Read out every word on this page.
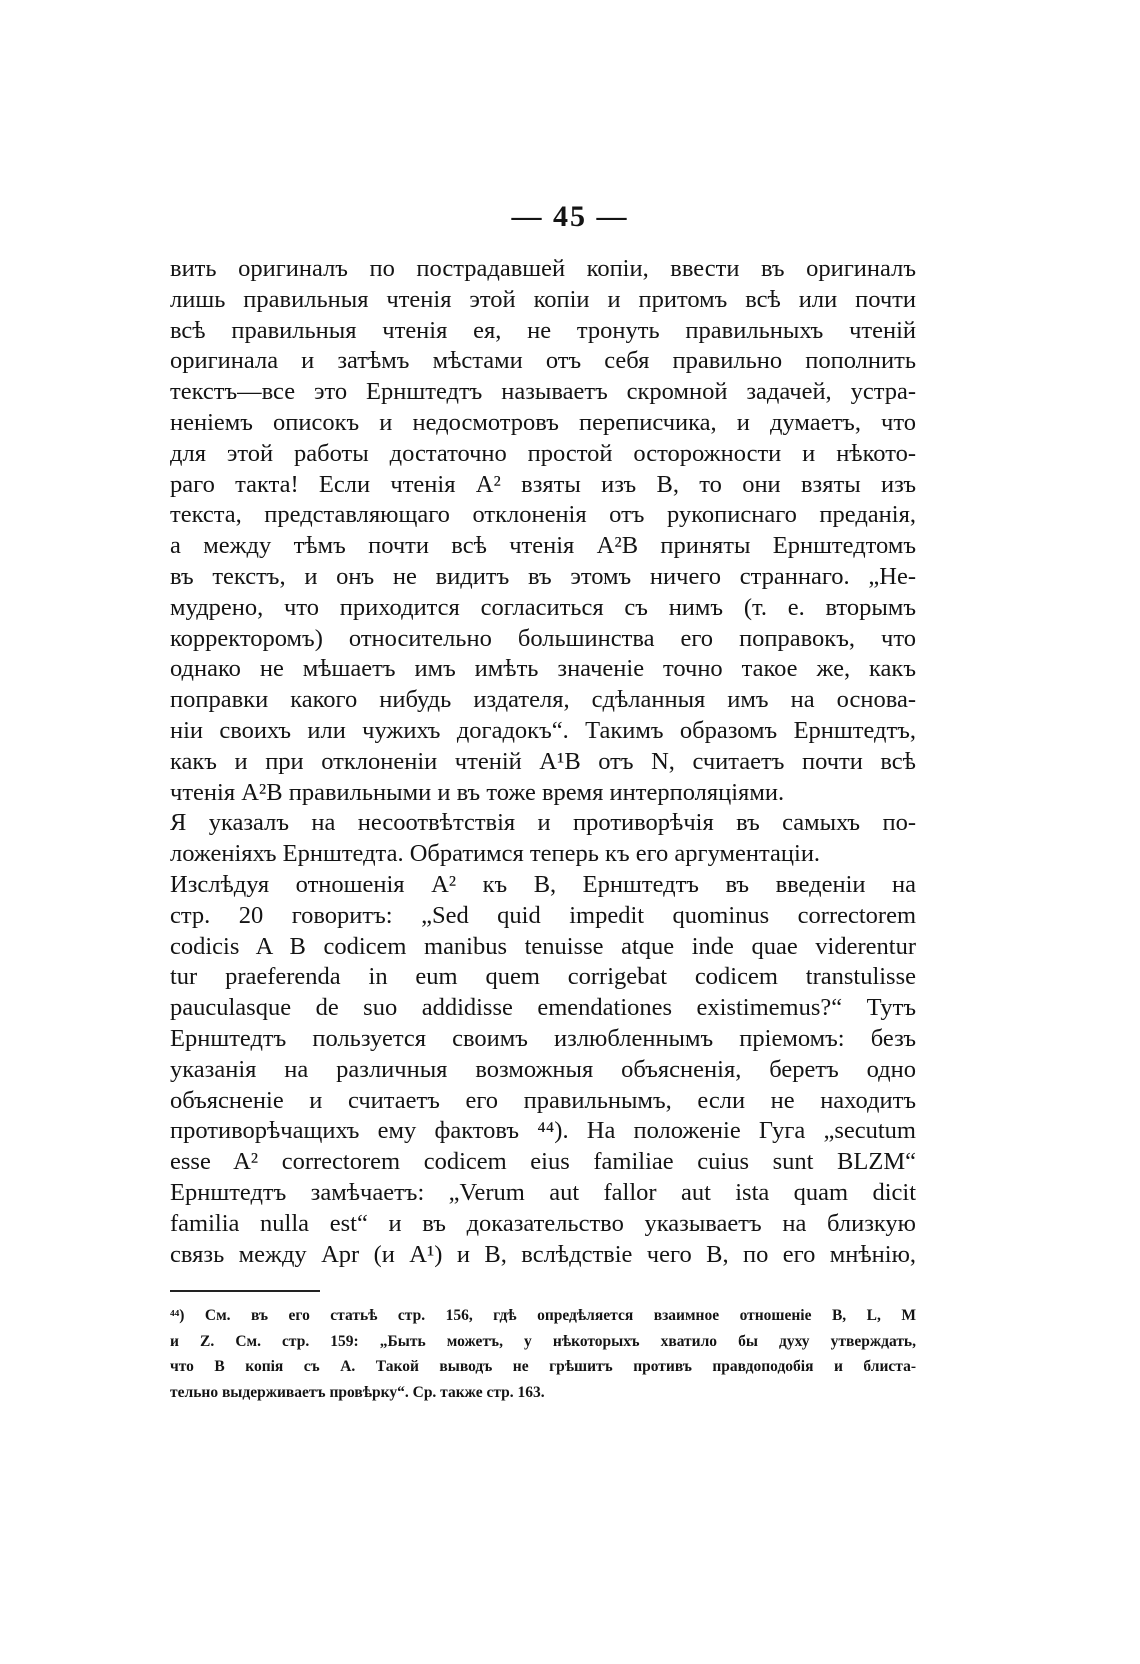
— 45 —
вить оригиналъ по пострадавшей копіи, ввести въ оригиналъ
лишь правильныя чтенія этой копіи и притомъ всѣ или почти
всѣ правильныя чтенія ея, не тронуть правильныхъ чтеній
оригинала и затѣмъ мѣстами отъ себя правильно пополнить
текстъ—все это Ернштедтъ называетъ скромной задачей, устра-
неніемъ описокъ и недосмотровъ переписчика, и думаетъ, что
для этой работы достаточно простой осторожности и нѣкото-
раго такта! Если чтенія A² взяты изъ B, то они взяты изъ
текста, представляющаго отклоненія отъ рукописнаго преданія,
а между тѣмъ почти всѣ чтенія A²B приняты Ернштедтомъ
въ текстъ, и онъ не видитъ въ этомъ ничего страннаго. „Не-
мудрено, что приходится согласиться съ нимъ (т. е. вторымъ
корректоромъ) относительно большинства его поправокъ, что
однако не мѣшаетъ имъ имѣть значеніе точно такое же, какъ
поправки какого нибудь издателя, сдѣланныя имъ на основа-
ніи своихъ или чужихъ догадокъ“. Такимъ образомъ Ернштедтъ,
какъ и при отклоненіи чтеній A¹B отъ N, считаетъ почти всѣ
чтенія A²B правильными и въ тоже время интерполяціями.
Я указалъ на несоотвѣтствія и противорѣчія въ самыхъ по-
ложеніяхъ Ернштедта. Обратимся теперь къ его аргументаціи.
Изслѣдуя отношенія A² къ B, Ернштедтъ въ введеніи на
стр. 20 говоритъ: „Sed quid impedit quominus correctorem
codicis A B codicem manibus tenuisse atque inde quae viderentur
tur praeferenda in eum quem corrigebat codicem transtulisse
pauculasque de suo addidisse emendationes existimemus?“ Тутъ
Ернштедтъ пользуется своимъ излюбленнымъ пріемомъ: безъ
указанія на различныя возможныя объясненія, беретъ одно
объясненіе и считаетъ его правильнымъ, если не находитъ
противорѣчащихъ ему фактовъ ⁴⁴). На положеніе Гуга „secutum
esse A² correctorem codicem eius familiae cuius sunt BLZM“
Ернштедтъ замѣчаетъ: „Verum aut fallor aut ista quam dicit
familia nulla est“ и въ доказательство указываетъ на близкую
связь между Apr (и A¹) и B, вслѣдствіе чего B, по его мнѣнію,
⁴⁴) См. въ его статьѣ стр. 156, гдѣ опредѣляется взаимное отношеніе B, L, M
и Z. См. стр. 159: „Быть можетъ, у нѣкоторыхъ хватило бы духу утверждать,
что B копія съ A. Такой выводъ не грѣшитъ противъ правдоподобія и блиста-
тельно выдерживаетъ провѣрку“. Ср. также стр. 163.
